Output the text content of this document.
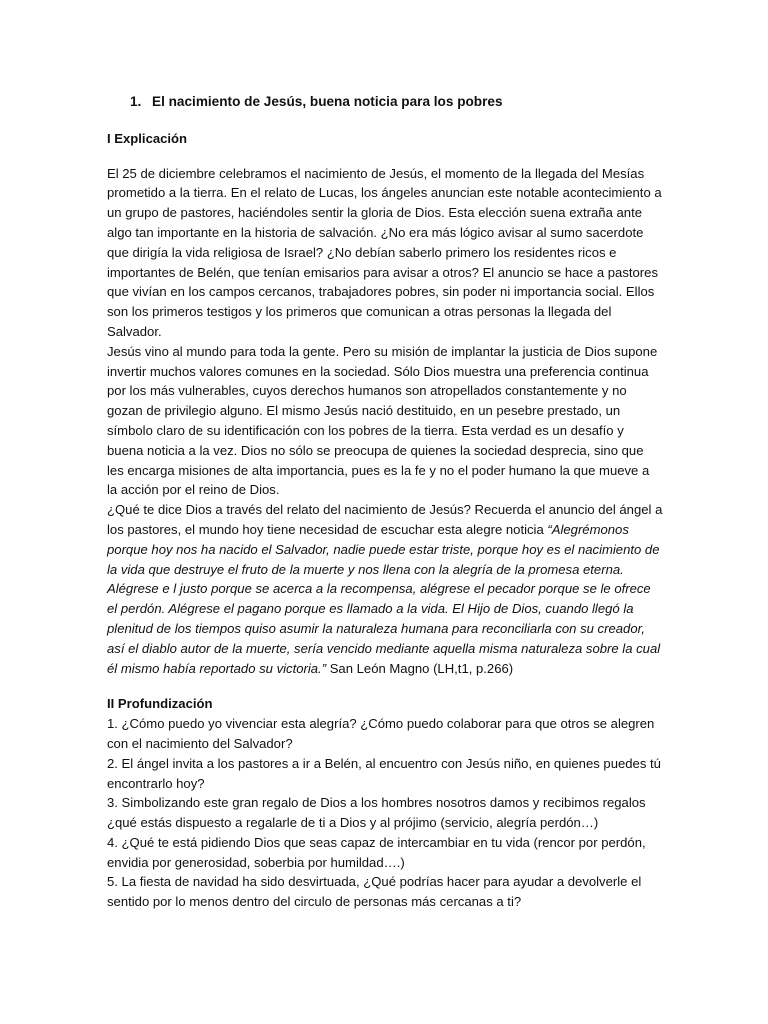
1. El nacimiento de Jesús, buena noticia para los pobres
I Explicación

El 25 de diciembre celebramos el nacimiento de Jesús, el momento de la llegada del Mesías prometido a la tierra. En el relato de Lucas, los ángeles anuncian este notable acontecimiento a un grupo de pastores, haciéndoles sentir la gloria de Dios. Esta elección suena extraña ante algo tan importante en la historia de salvación. ¿No era más lógico avisar al sumo sacerdote que dirigía la vida religiosa de Israel? ¿No debían saberlo primero los residentes ricos e importantes de Belén, que tenían emisarios para avisar a otros? El anuncio se hace a pastores que vivían en los campos cercanos, trabajadores pobres, sin poder ni importancia social. Ellos son los primeros testigos y los primeros que comunican a otras personas la llegada del Salvador.

Jesús vino al mundo para toda la gente. Pero su misión de implantar la justicia de Dios supone invertir muchos valores comunes en la sociedad. Sólo Dios muestra una preferencia continua por los más vulnerables, cuyos derechos humanos son atropellados constantemente y no gozan de privilegio alguno. El mismo Jesús nació destituido, en un pesebre prestado, un símbolo claro de su identificación con los pobres de la tierra. Esta verdad es un desafío y buena noticia a la vez. Dios no sólo se preocupa de quienes la sociedad desprecia, sino que les encarga misiones de alta importancia, pues es la fe y no el poder humano la que mueve a la acción por el reino de Dios.

¿Qué te dice Dios a través del relato del nacimiento de Jesús? Recuerda el anuncio del ángel a los pastores, el mundo hoy tiene necesidad de escuchar esta alegre noticia “Alegrémonos porque hoy nos ha nacido el Salvador, nadie puede estar triste, porque hoy es el nacimiento de la vida que destruye el fruto de la muerte y nos llena con la alegría de la promesa eterna. Alégrese e l justo porque se acerca a la recompensa, alégrese el pecador porque se le ofrece el perdón. Alégrese el pagano porque es llamado a la vida. El Hijo de Dios, cuando llegó la plenitud de los tiempos quiso asumir la naturaleza humana para reconciliarla con su creador, así el diablo autor de la muerte, sería vencido mediante aquella misma naturaleza sobre la cual él mismo había reportado su victoria.” San León Magno (LH,t1, p.266)

II Profundización

1. ¿Cómo puedo yo vivenciar esta alegría? ¿Cómo puedo colaborar para que otros se alegren con el nacimiento del Salvador?

2. El ángel invita a los pastores a ir a Belén, al encuentro con Jesús niño, en quienes puedes tú encontrarlo hoy?

3. Simbolizando este gran regalo de Dios a los hombres nosotros damos y recibimos regalos ¿qué estás dispuesto a regalarle de ti a Dios y al prójimo (servicio, alegría perdón…)

4. ¿Qué te está pidiendo Dios que seas capaz de intercambiar en tu vida (rencor por perdón, envidia por generosidad, soberbia por humildad….)

5. La fiesta de navidad ha sido desvirtuada, ¿Qué podrías hacer para ayudar a devolverle el sentido por lo menos dentro del circulo de personas más cercanas a ti?
